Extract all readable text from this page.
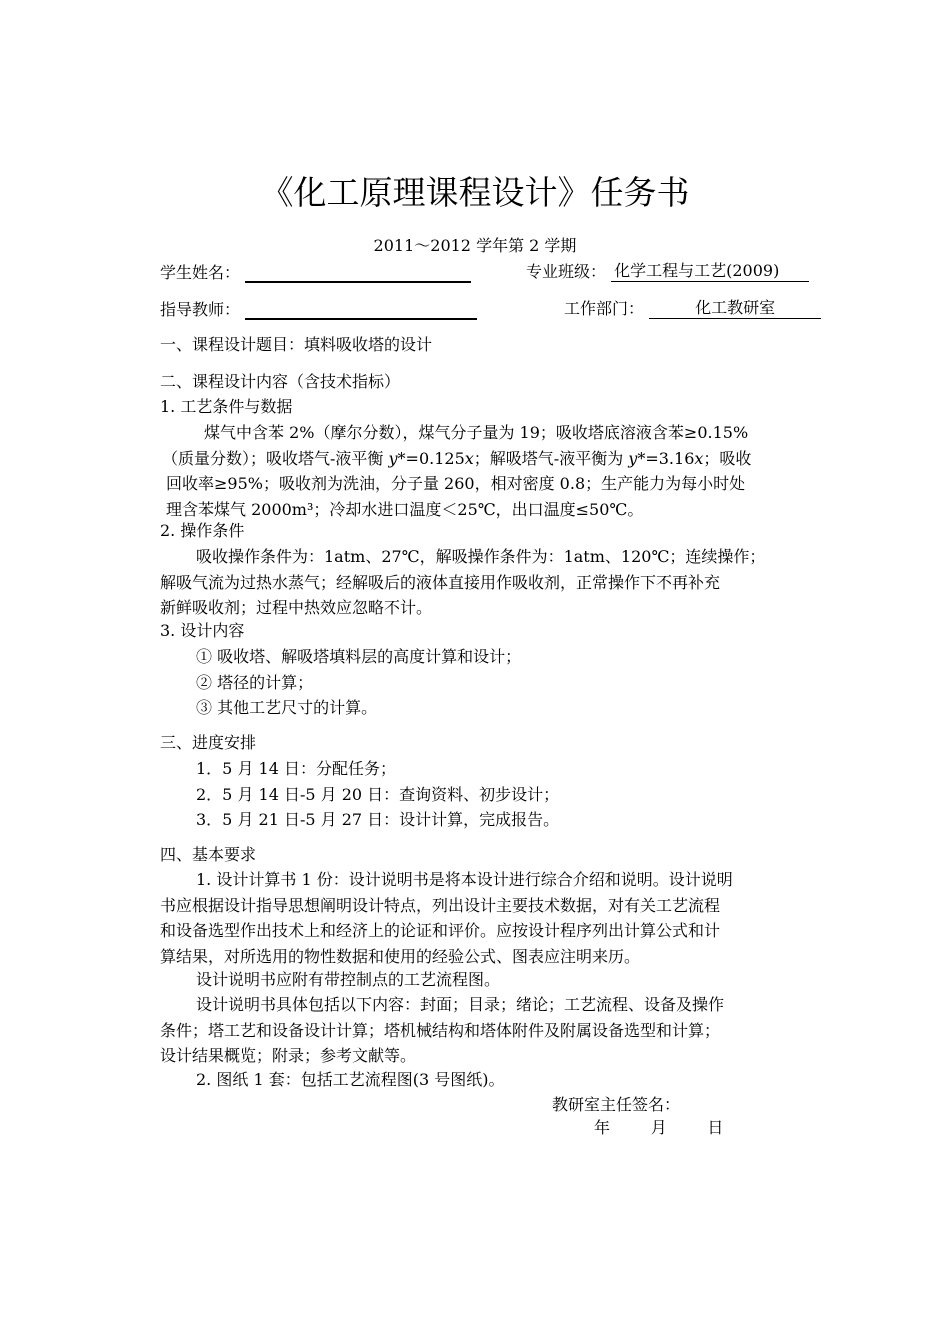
《化工原理课程设计》任务书
2011～2012 学年第 2 学期
学生姓名：	专业班级： 化学工程与工艺(2009)
指导教师：	工作部门：	化工教研室
一、课程设计题目：填料吸收塔的设计
二、课程设计内容（含技术指标）
1. 工艺条件与数据
煤气中含苯 2%（摩尔分数），煤气分子量为 19；吸收塔底溶液含苯≥0.15%
（质量分数）；吸收塔气-液平衡 y*=0.125x；解吸塔气-液平衡为 y*=3.16x；吸收
回收率≥95%；吸收剂为洗油，分子量 260，相对密度 0.8；生产能力为每小时处
理含苯煤气 2000m³；冷却水进口温度＜25℃，出口温度≤50℃。
2. 操作条件
吸收操作条件为：1atm、27℃，解吸操作条件为：1atm、120℃；连续操作；
解吸气流为过热水蒸气；经解吸后的液体直接用作吸收剂，正常操作下不再补充
新鲜吸收剂；过程中热效应忽略不计。
3. 设计内容
① 吸收塔、解吸塔填料层的高度计算和设计；
② 塔径的计算；
③ 其他工艺尺寸的计算。
三、进度安排
1．5 月 14 日：分配任务；
2．5 月 14 日-5 月 20 日：查询资料、初步设计；
3．5 月 21 日-5 月 27 日：设计计算，完成报告。
四、基本要求
1. 设计计算书 1 份：设计说明书是将本设计进行综合介绍和说明。设计说明
书应根据设计指导思想阐明设计特点，列出设计主要技术数据，对有关工艺流程
和设备选型作出技术上和经济上的论证和评价。应按设计程序列出计算公式和计
算结果，对所选用的物性数据和使用的经验公式、图表应注明来历。
设计说明书应附有带控制点的工艺流程图。
设计说明书具体包括以下内容：封面；目录；绪论；工艺流程、设备及操作
条件；塔工艺和设备设计计算；塔机械结构和塔体附件及附属设备选型和计算；
设计结果概览；附录；参考文献等。
2. 图纸 1 套：包括工艺流程图(3 号图纸)。
教研室主任签名：
年        月        日
